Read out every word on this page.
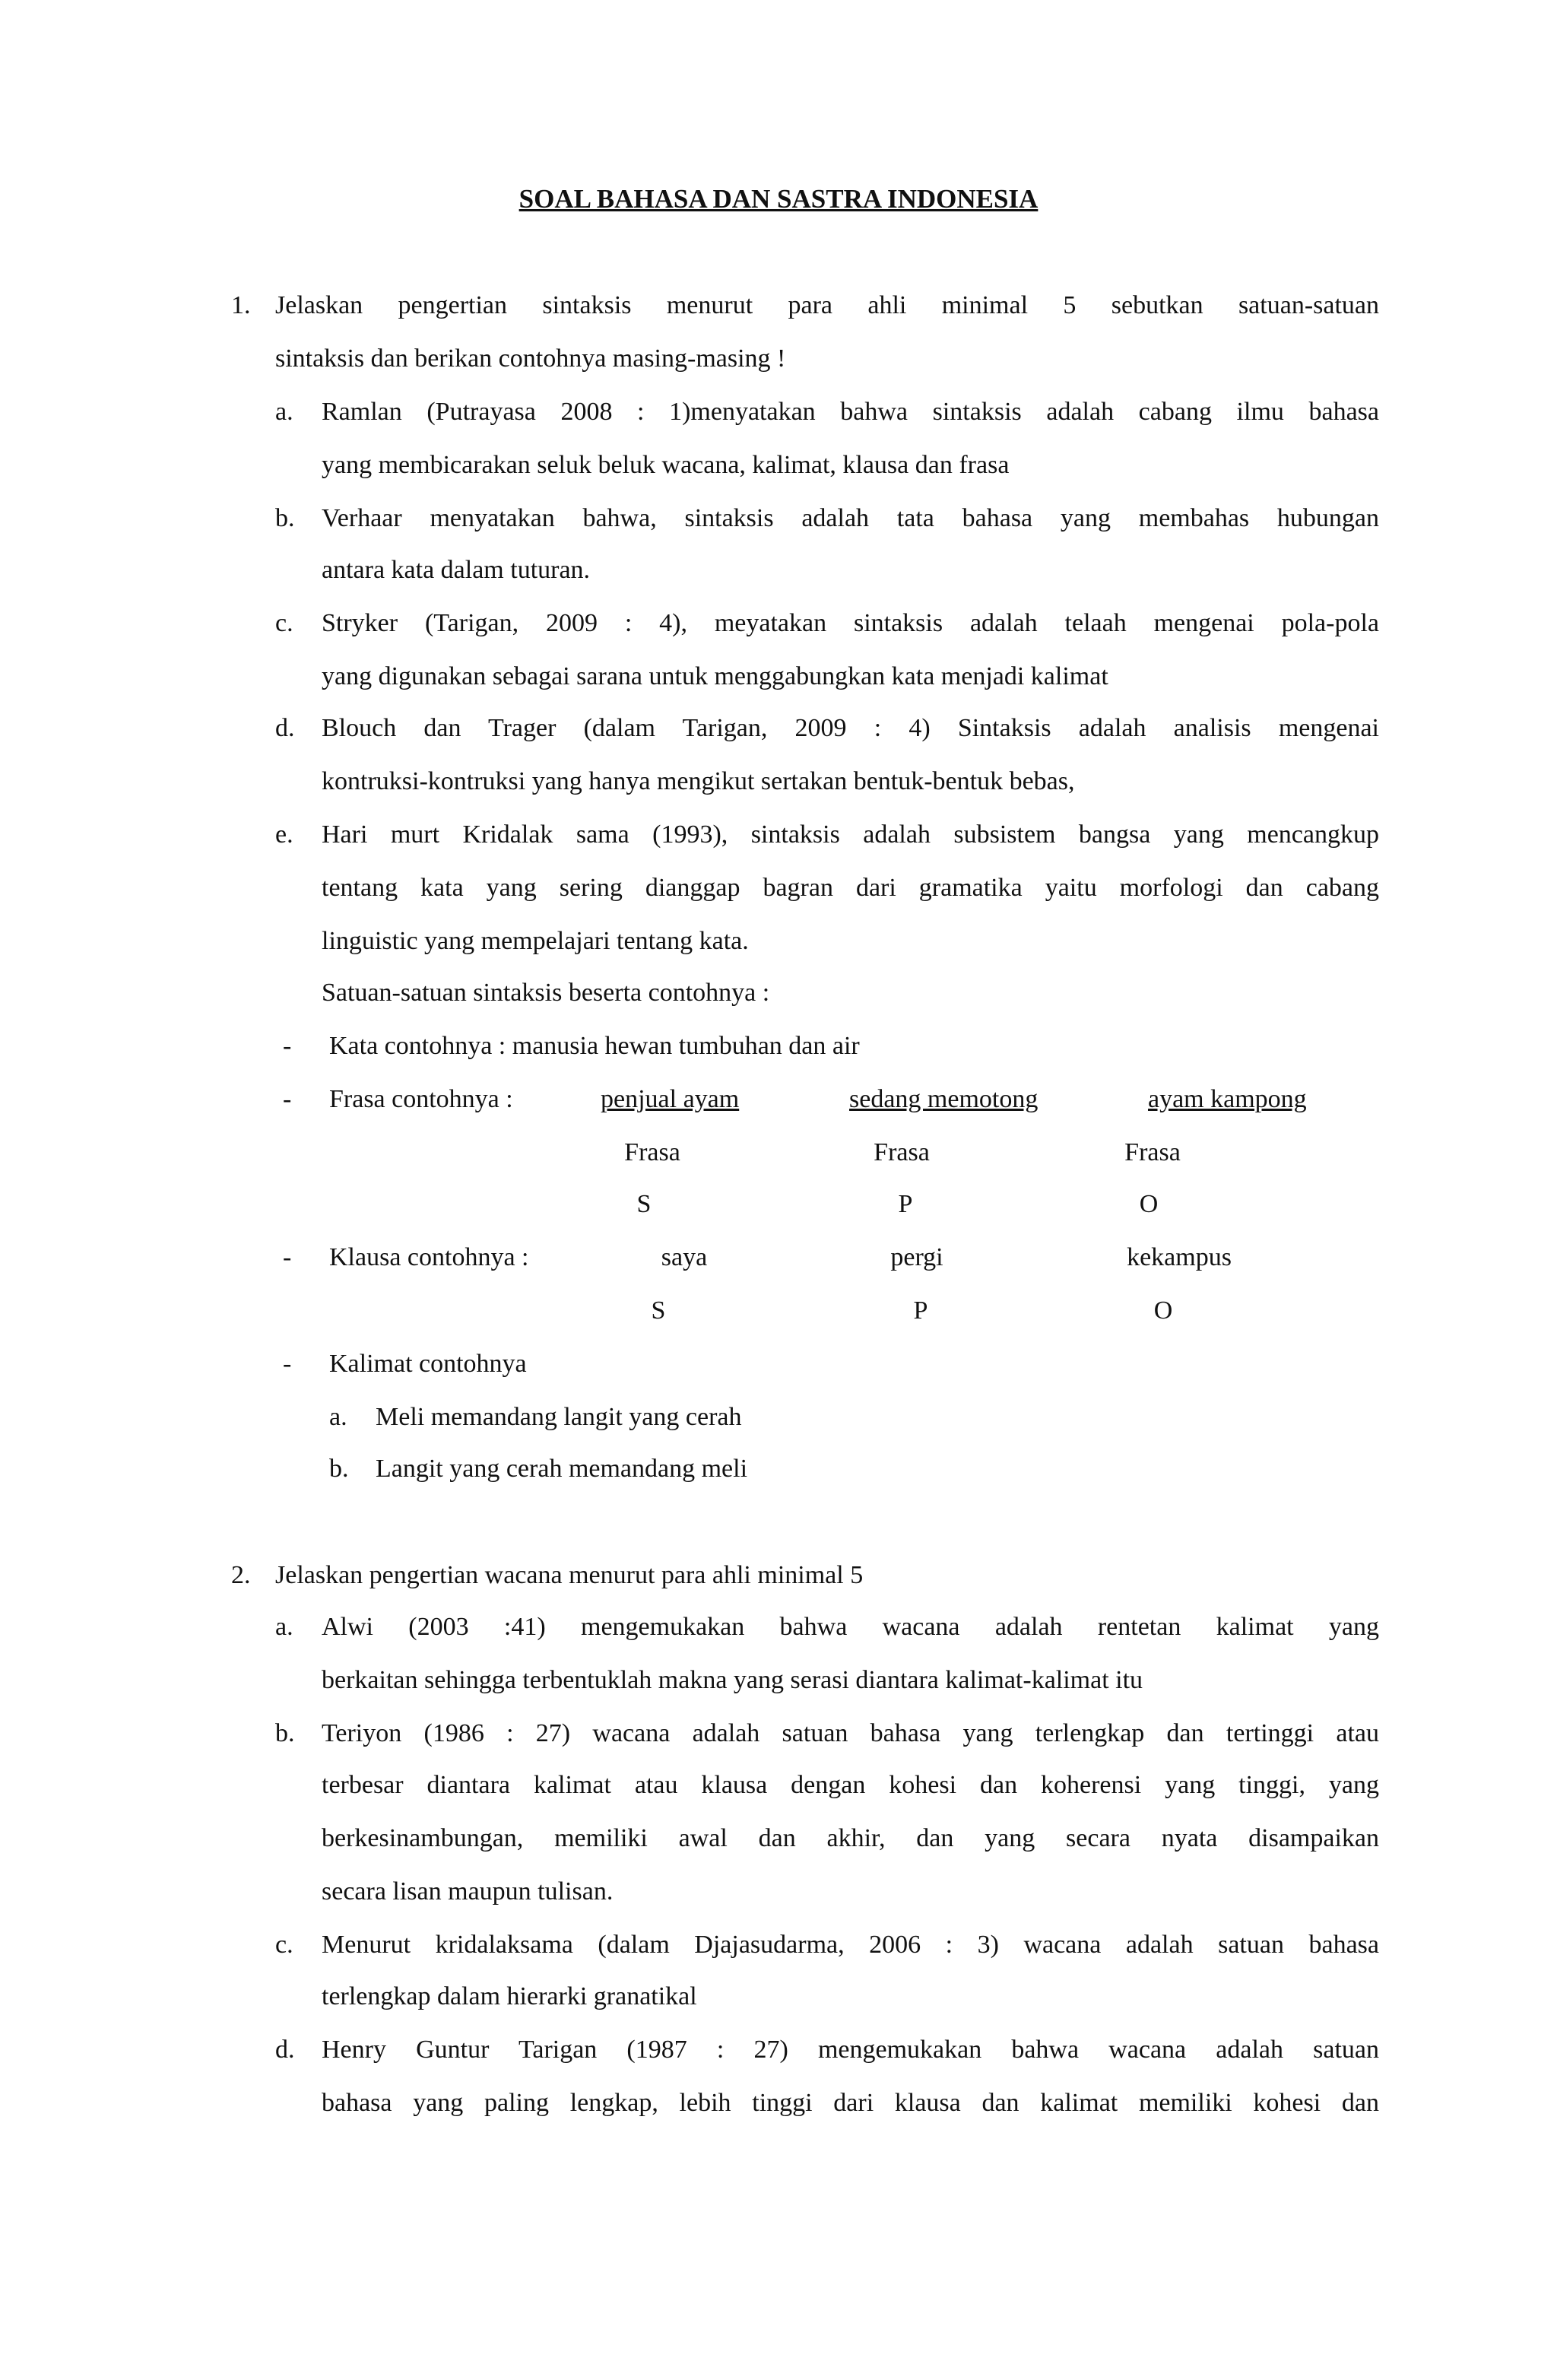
SOAL BAHASA DAN SASTRA INDONESIA
1. Jelaskan pengertian sintaksis menurut para ahli minimal 5 sebutkan satuan-satuan
sintaksis dan berikan contohnya masing-masing !
a. Ramlan (Putrayasa 2008 : 1)menyatakan bahwa sintaksis adalah cabang ilmu bahasa
yang membicarakan seluk beluk wacana, kalimat, klausa dan frasa
b. Verhaar menyatakan bahwa, sintaksis adalah tata bahasa yang membahas hubungan
antara kata dalam tuturan.
c. Stryker (Tarigan, 2009 : 4), meyatakan sintaksis adalah telaah mengenai pola-pola
yang digunakan sebagai sarana untuk menggabungkan kata menjadi kalimat
d. Blouch dan Trager (dalam Tarigan, 2009 : 4) Sintaksis adalah analisis mengenai
kontruksi-kontruksi yang hanya mengikut sertakan bentuk-bentuk bebas,
e. Hari murt Kridalak sama (1993), sintaksis adalah subsistem bangsa yang mencangkup
tentang kata yang sering dianggap bagran dari gramatika yaitu morfologi dan cabang
linguistic yang mempelajari tentang kata.
Satuan-satuan sintaksis beserta contohnya :
- Kata contohnya : manusia hewan tumbuhan dan air
- Frasa contohnya :	penjual ayam	sedang memotong	ayam kampong
Frasa	Frasa	Frasa
S	P	O
- Klausa contohnya :	saya	pergi	kekampus
S	P	O
- Kalimat contohnya
a. Meli memandang langit yang cerah
b. Langit yang cerah memandang meli
2. Jelaskan pengertian wacana menurut para ahli minimal 5
a. Alwi (2003 :41) mengemukakan bahwa wacana adalah rentetan kalimat yang
berkaitan sehingga terbentuklah makna yang serasi diantara kalimat-kalimat itu
b. Teriyon (1986 : 27) wacana adalah satuan bahasa yang terlengkap dan tertinggi atau
terbesar diantara kalimat atau klausa dengan kohesi dan koherensi yang tinggi, yang
berkesinambungan, memiliki awal dan akhir, dan yang secara nyata disampaikan
secara lisan maupun tulisan.
c. Menurut kridalaksama (dalam Djajasudarma, 2006 : 3) wacana adalah satuan bahasa
terlengkap dalam hierarki granatikal
d. Henry Guntur Tarigan (1987 : 27) mengemukakan bahwa wacana adalah satuan
bahasa yang paling lengkap, lebih tinggi dari klausa dan kalimat memiliki kohesi dan
